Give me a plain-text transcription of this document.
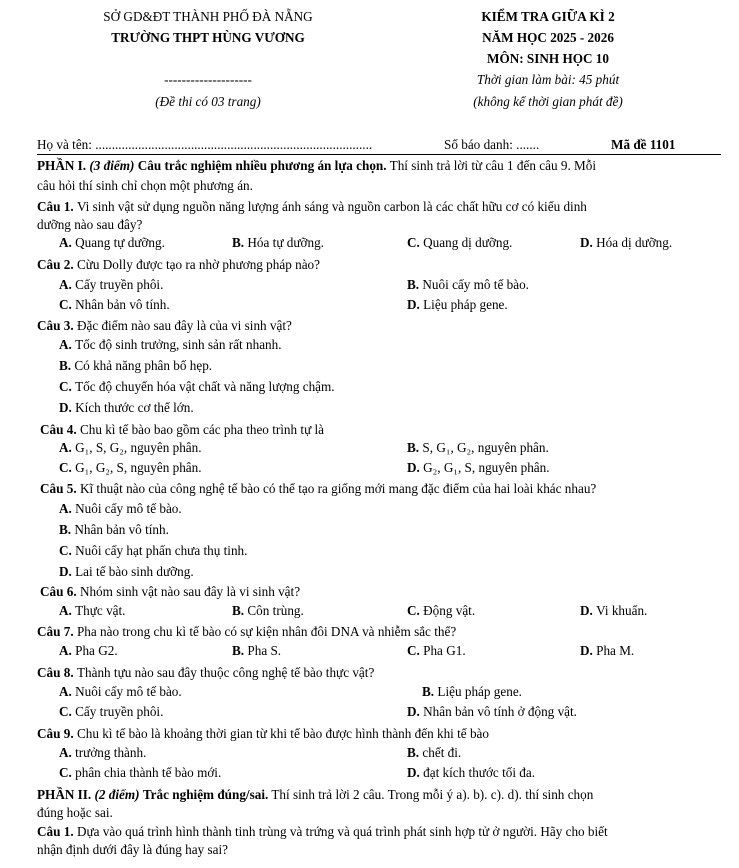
SỞ GD&ĐT THÀNH PHỐ ĐÀ NẴNG
TRƯỜNG THPT HÙNG VƯƠNG
--------------------
(Đề thi có 03 trang)
KIỂM TRA GIỮA KÌ 2
NĂM HỌC 2025 - 2026
MÔN: SINH HỌC 10
Thời gian làm bài: 45 phút
(không kể thời gian phát đề)
Họ và tên: ....................................................................................	Số báo danh: .......	Mã đề 1101
PHẦN I. (3 điểm) Câu trắc nghiệm nhiều phương án lựa chọn. Thí sinh trả lời từ câu 1 đến câu 9. Mỗi
câu hỏi thí sinh chỉ chọn một phương án.
Câu 1. Vi sinh vật sử dụng nguồn năng lượng ánh sáng và nguồn carbon là các chất hữu cơ có kiểu dinh
dưỡng nào sau đây?
A. Quang tự dưỡng.	B. Hóa tự dưỡng.	C. Quang dị dưỡng.	D. Hóa dị dưỡng.
Câu 2. Cừu Dolly được tạo ra nhờ phương pháp nào?
A. Cấy truyền phôi.	B. Nuôi cấy mô tế bào.
C. Nhân bản vô tính.	D. Liệu pháp gene.
Câu 3. Đặc điểm nào sau đây là của vi sinh vật?
A. Tốc độ sinh trưởng, sinh sản rất nhanh.
B. Có khả năng phân bố hẹp.
C. Tốc độ chuyển hóa vật chất và năng lượng chậm.
D. Kích thước cơ thể lớn.
Câu 4. Chu kì tế bào bao gồm các pha theo trình tự là
A. G₁, S, G₂, nguyên phân.	B. S, G₁, G₂, nguyên phân.
C. G₁, G₂, S, nguyên phân.	D. G₂, G₁, S, nguyên phân.
Câu 5. Kĩ thuật nào của công nghệ tế bào có thể tạo ra giống mới mang đặc điểm của hai loài khác nhau?
A. Nuôi cấy mô tế bào.
B. Nhân bản vô tính.
C. Nuôi cấy hạt phấn chưa thụ tinh.
D. Lai tế bào sinh dưỡng.
Câu 6. Nhóm sinh vật nào sau đây là vi sinh vật?
A. Thực vật.	B. Côn trùng.	C. Động vật.	D. Vi khuẩn.
Câu 7. Pha nào trong chu kì tế bào có sự kiện nhân đôi DNA và nhiễm sắc thể?
A. Pha G2.	B. Pha S.	C. Pha G1.	D. Pha M.
Câu 8. Thành tựu nào sau đây thuộc công nghệ tế bào thực vật?
A. Nuôi cấy mô tế bào.	B. Liệu pháp gene.
C. Cấy truyền phôi.	D. Nhân bản vô tính ở động vật.
Câu 9. Chu kì tế bào là khoảng thời gian từ khi tế bào được hình thành đến khi tế bào
A. trưởng thành.	B. chết đi.
C. phân chia thành tế bào mới.	D. đạt kích thước tối đa.
PHẦN II. (2 điểm) Trắc nghiệm đúng/sai. Thí sinh trả lời 2 câu. Trong mỗi ý a). b). c). d). thí sinh chọn
đúng hoặc sai.
Câu 1. Dựa vào quá trình hình thành tinh trùng và trứng và quá trình phát sinh hợp tử ở người. Hãy cho biết
nhận định dưới đây là đúng hay sai?
